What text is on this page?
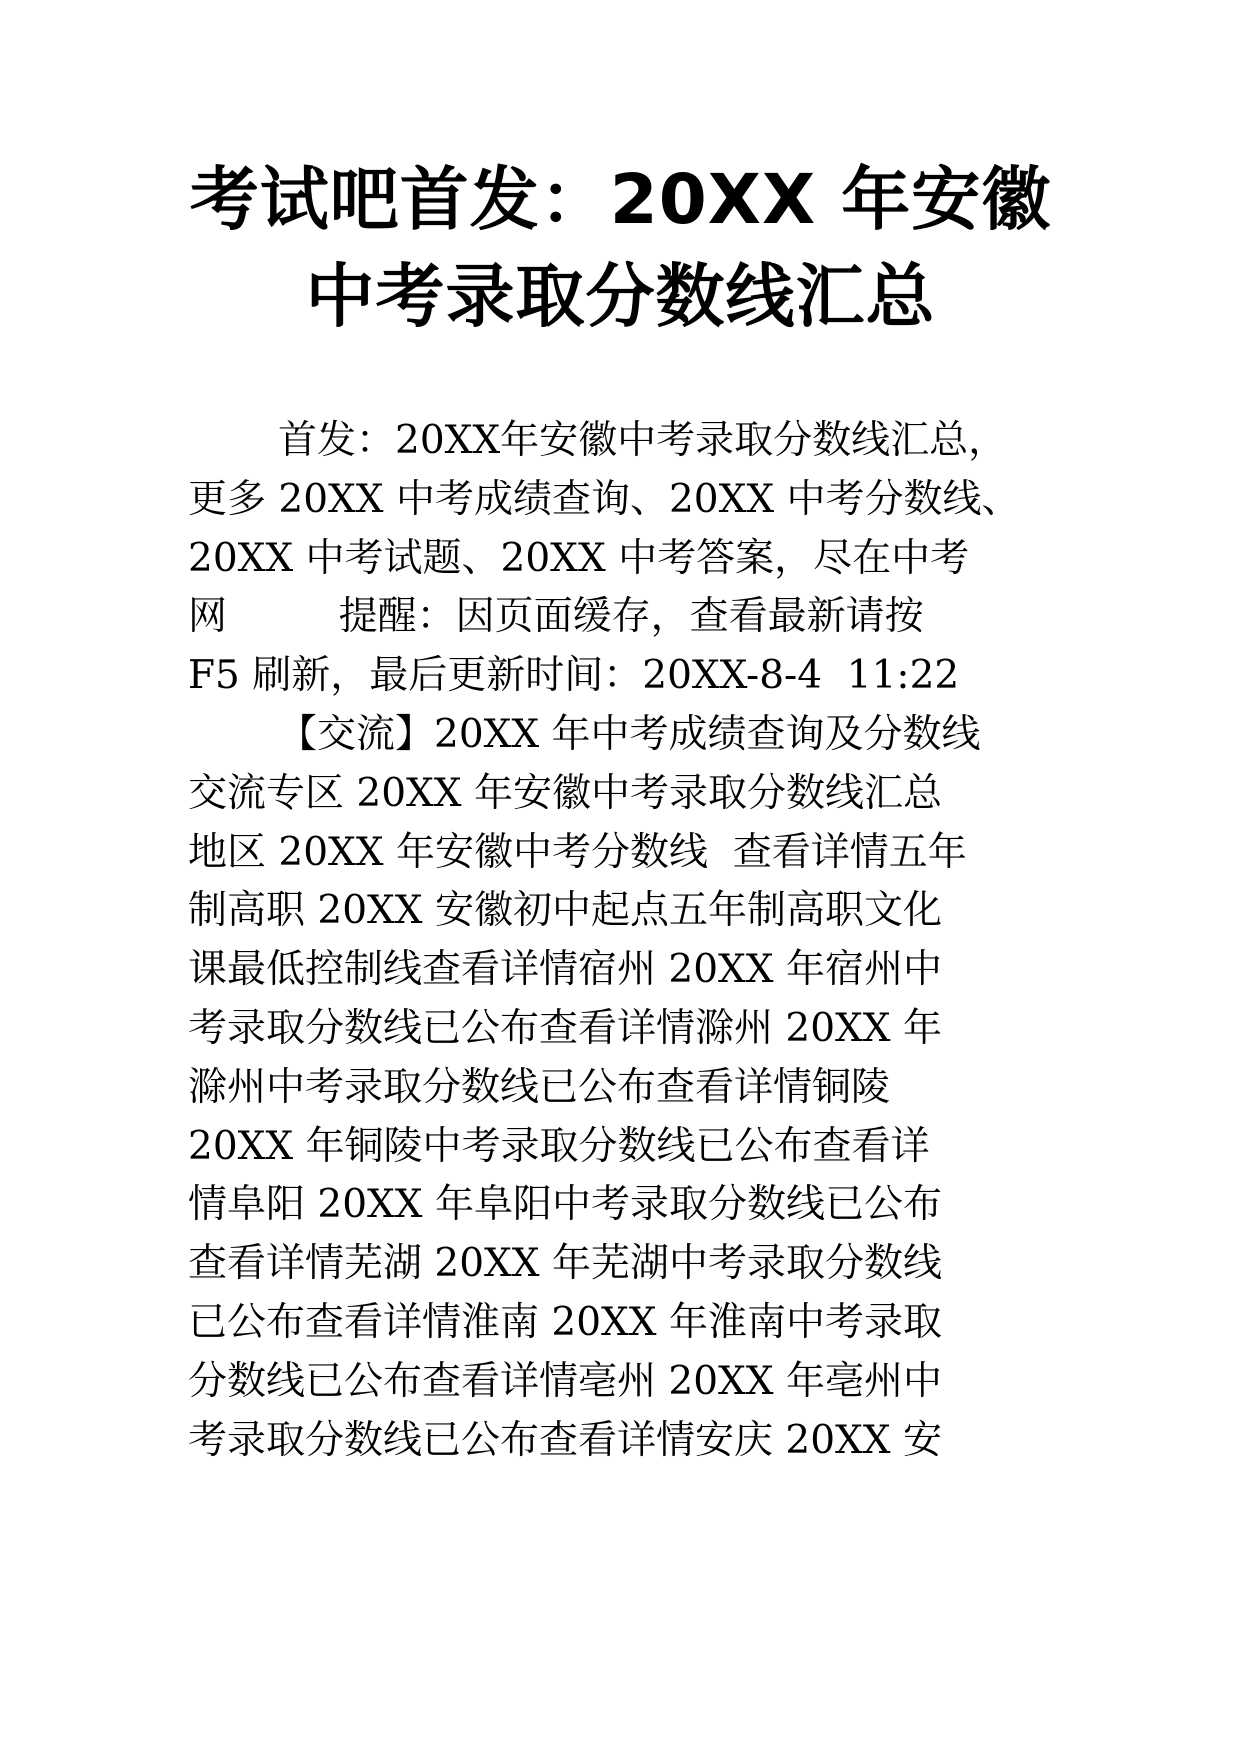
考试吧首发：20XX 年安徽
中考录取分数线汇总
首发：20XX年安徽中考录取分数线汇总，
更多 20XX 中考成绩查询、20XX 中考分数线、
20XX 中考试题、20XX 中考答案，尽在中考
网         提醒：因页面缓存，查看最新请按
F5 刷新，最后更新时间：20XX-8-4  11:22
【交流】20XX 年中考成绩查询及分数线
交流专区 20XX 年安徽中考录取分数线汇总
地区 20XX 年安徽中考分数线  查看详情五年
制高职 20XX 安徽初中起点五年制高职文化
课最低控制线查看详情宿州 20XX 年宿州中
考录取分数线已公布查看详情滁州 20XX 年
滁州中考录取分数线已公布查看详情铜陵
20XX 年铜陵中考录取分数线已公布查看详
情阜阳 20XX 年阜阳中考录取分数线已公布
查看详情芜湖 20XX 年芜湖中考录取分数线
已公布查看详情淮南 20XX 年淮南中考录取
分数线已公布查看详情亳州 20XX 年亳州中
考录取分数线已公布查看详情安庆 20XX 安
